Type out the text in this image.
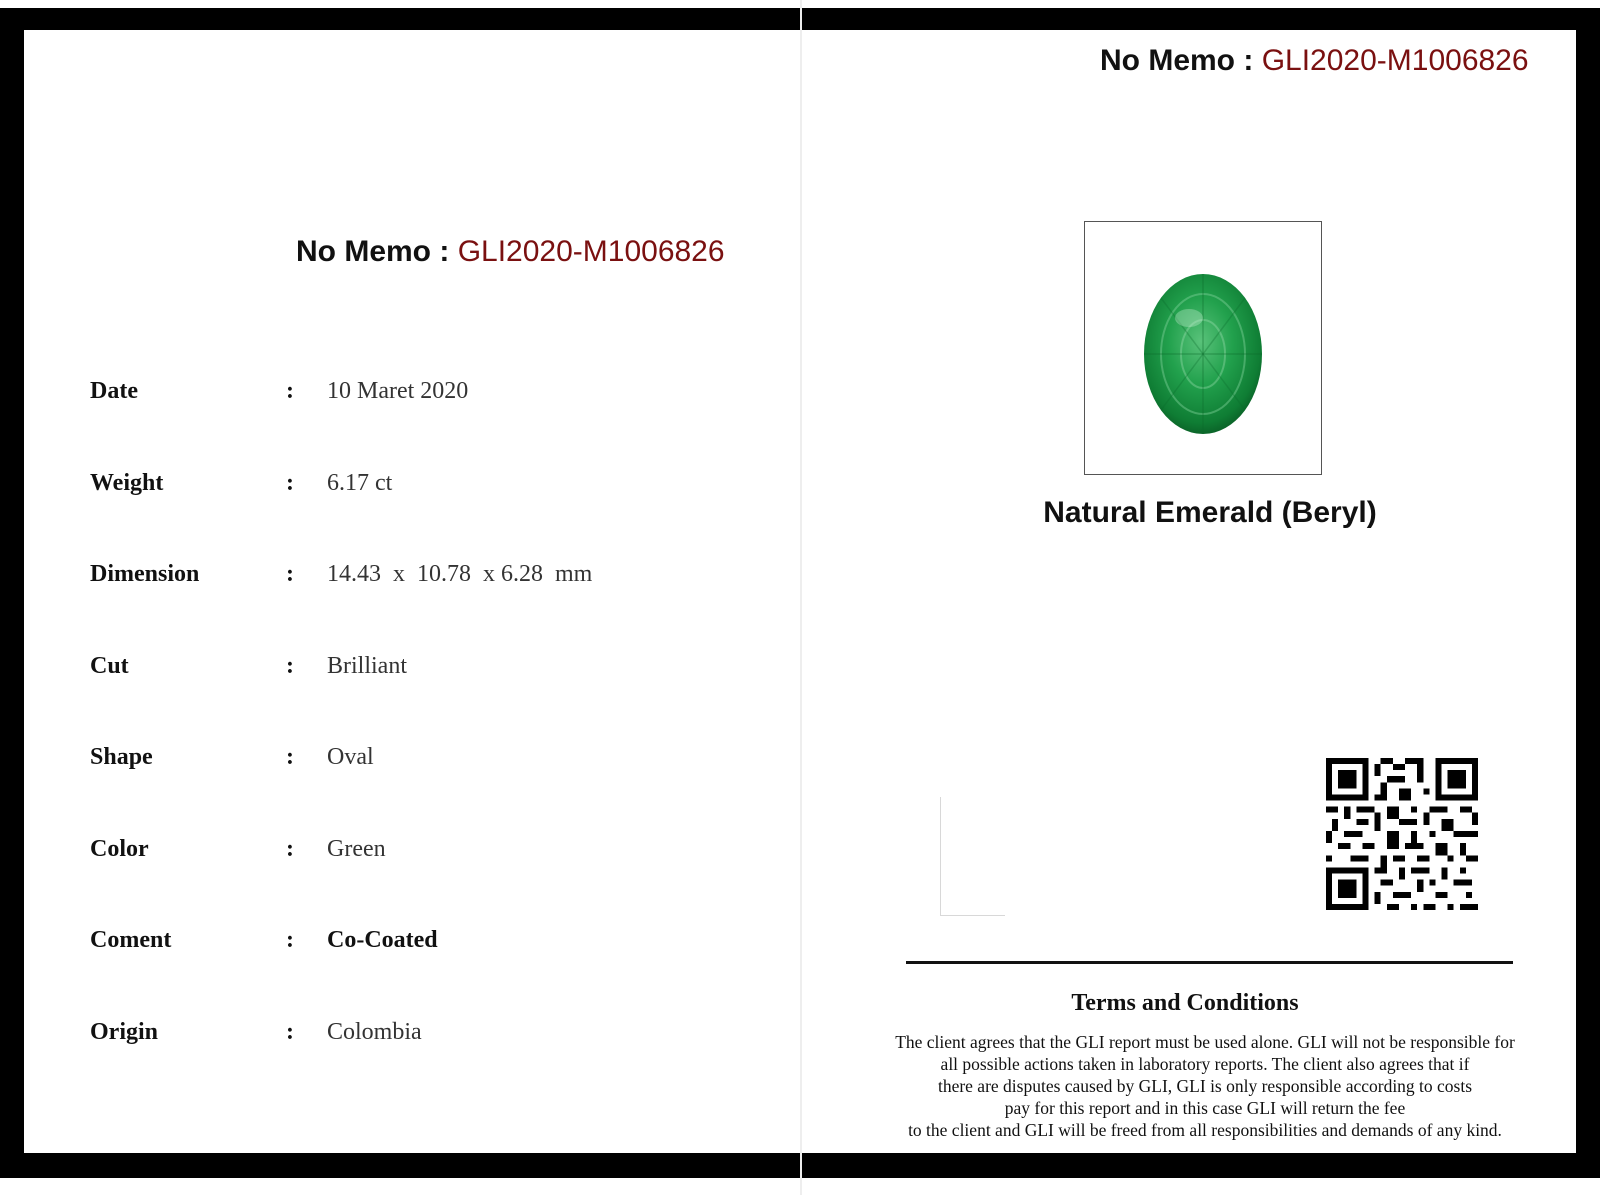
No Memo : GLI2020-M1006826
Date	: 10 Maret 2020
Weight	: 6.17 ct
Dimension	: 14.43  x  10.78  x 6.28  mm
Cut	: Brilliant
Shape	: Oval
Color	: Green
Coment	: Co-Coated
Origin	: Colombia
No Memo : GLI2020-M1006826
Natural Emerald (Beryl)
Terms and Conditions
The client agrees that the GLI report must be used alone. GLI will not be responsible for
all possible actions taken in laboratory reports. The client also agrees that if
there are disputes caused by GLI, GLI is only responsible according to costs
pay for this report and in this case GLI will return the fee
to the client and GLI will be freed from all responsibilities and demands of any kind.
